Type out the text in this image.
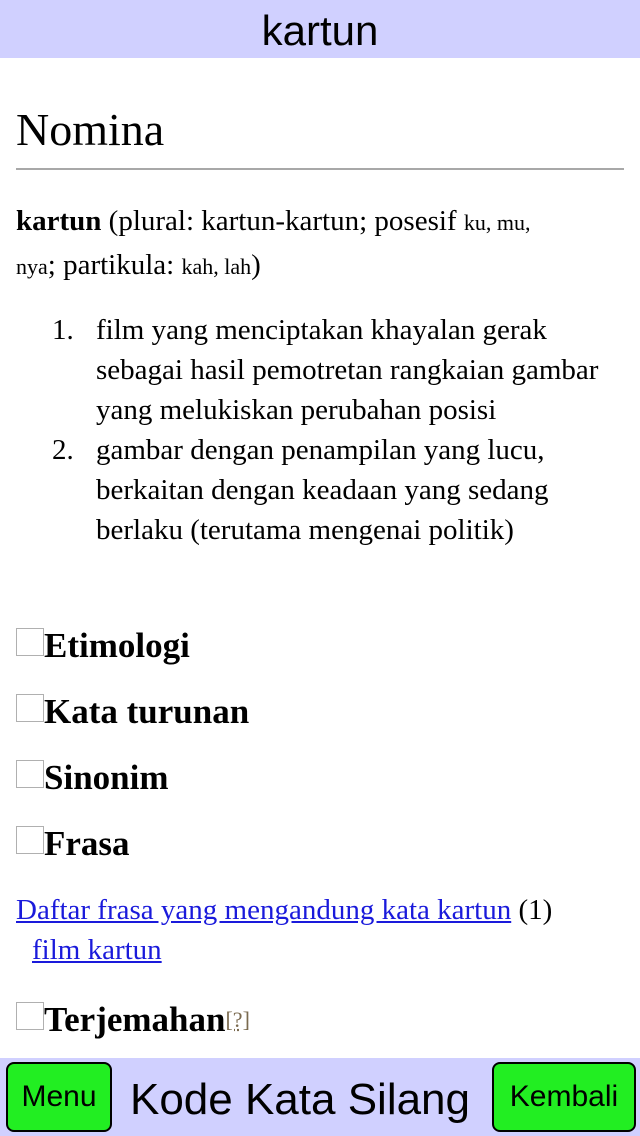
kartun
Nomina
kartun (plural: kartun-kartun; posesif ku, mu,
nya; partikula: kah, lah)
1. film yang menciptakan khayalan gerak sebagai hasil pemotretan rangkaian gambar yang melukiskan perubahan posisi
2. gambar dengan penampilan yang lucu, berkaitan dengan keadaan yang sedang berlaku (terutama mengenai politik)
Etimologi
Kata turunan
Sinonim
Frasa
Daftar frasa yang mengandung kata kartun (1)
film kartun
Terjemahan[?]
Menu Kode Kata Silang	Kembali
